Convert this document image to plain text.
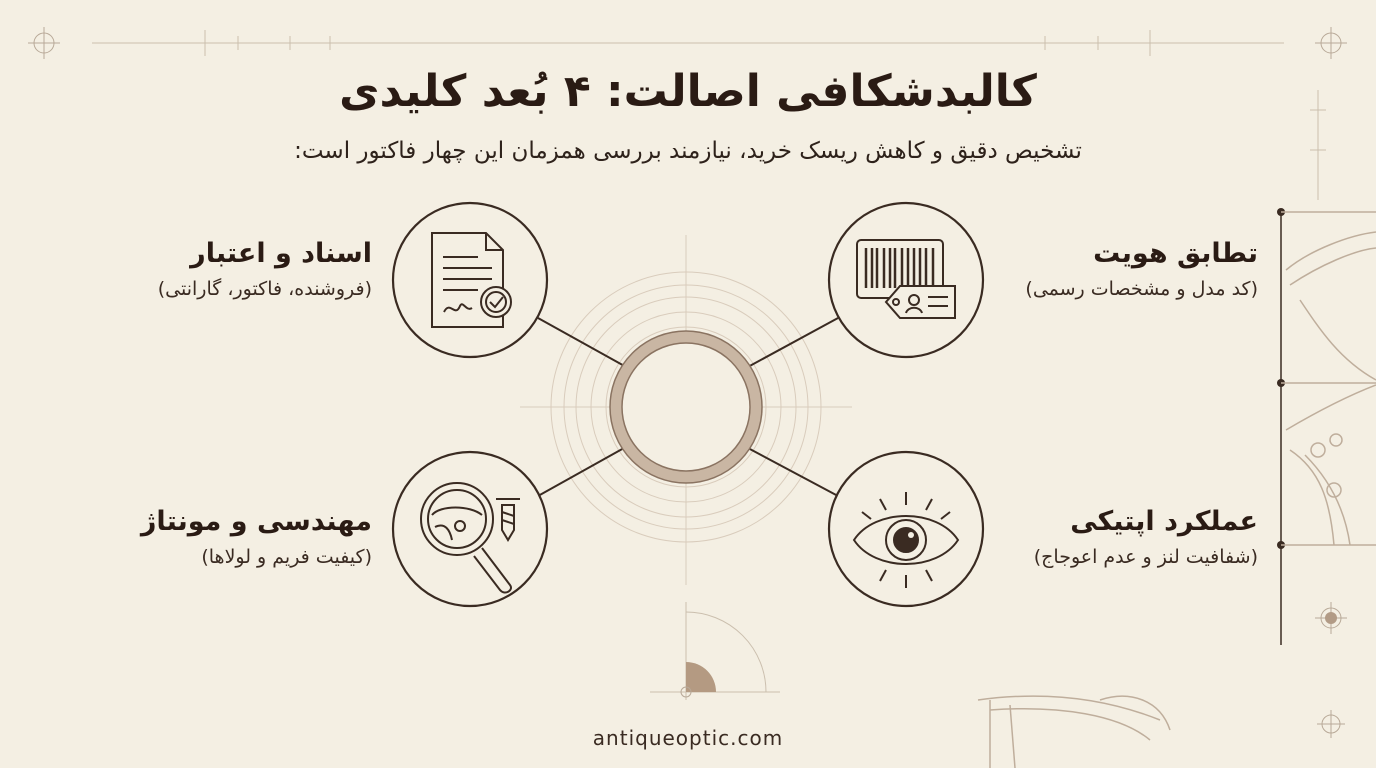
کالبدشکافی اصالت: ۴ بُعد کلیدی
تشخیص دقیق و کاهش ریسک خرید، نیازمند بررسی همزمان این چهار فاکتور است:
اسناد و اعتبار
(فروشنده، فاکتور، گارانتی)
تطابق هویت
(کد مدل و مشخصات رسمی)
مهندسی و مونتاژ
(کیفیت فریم و لولاها)
عملکرد اپتیکی
(شفافیت لنز و عدم اعوجاج)
antiqueoptic.com
